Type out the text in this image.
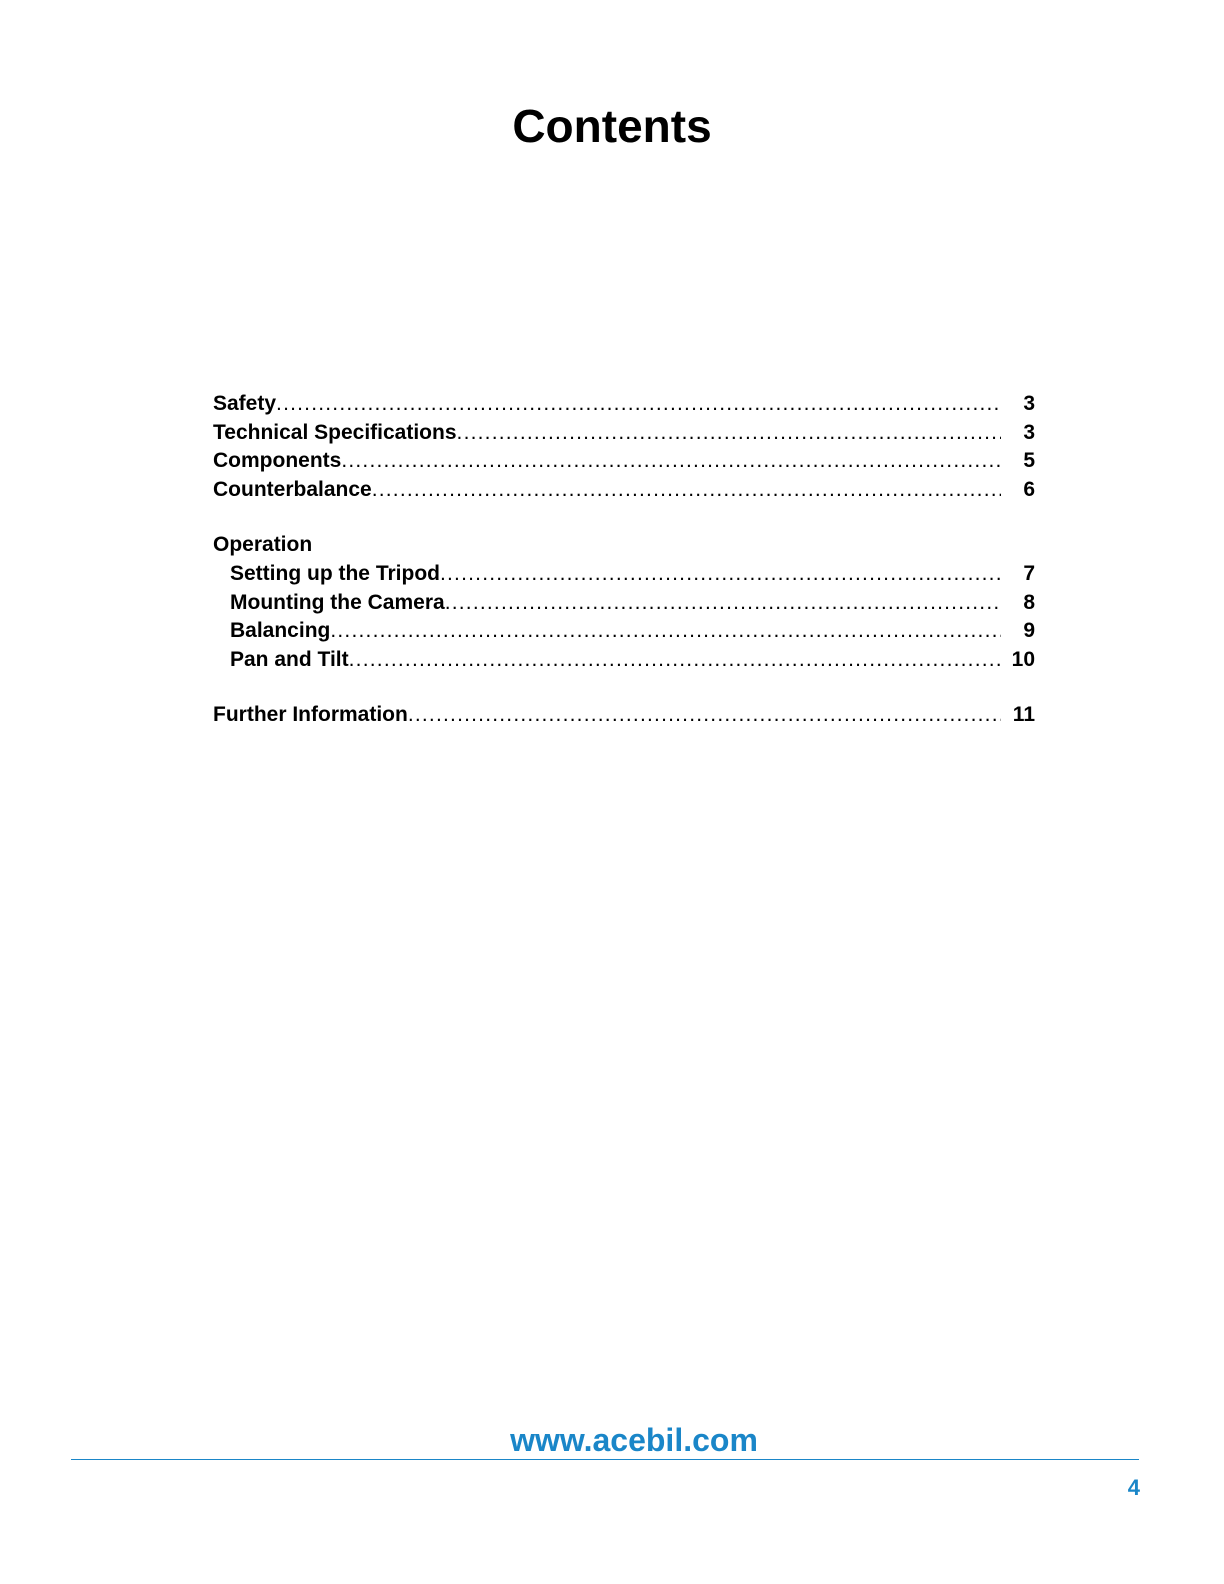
Contents
Safety .....	3
Technical Specifications .....	3
Components .....	5
Counterbalance .....	6
Operation
Setting up the Tripod .....	7
Mounting the Camera .....	8
Balancing .....	9
Pan and Tilt .....	10
Further Information .....	11
www.acebil.com
4
